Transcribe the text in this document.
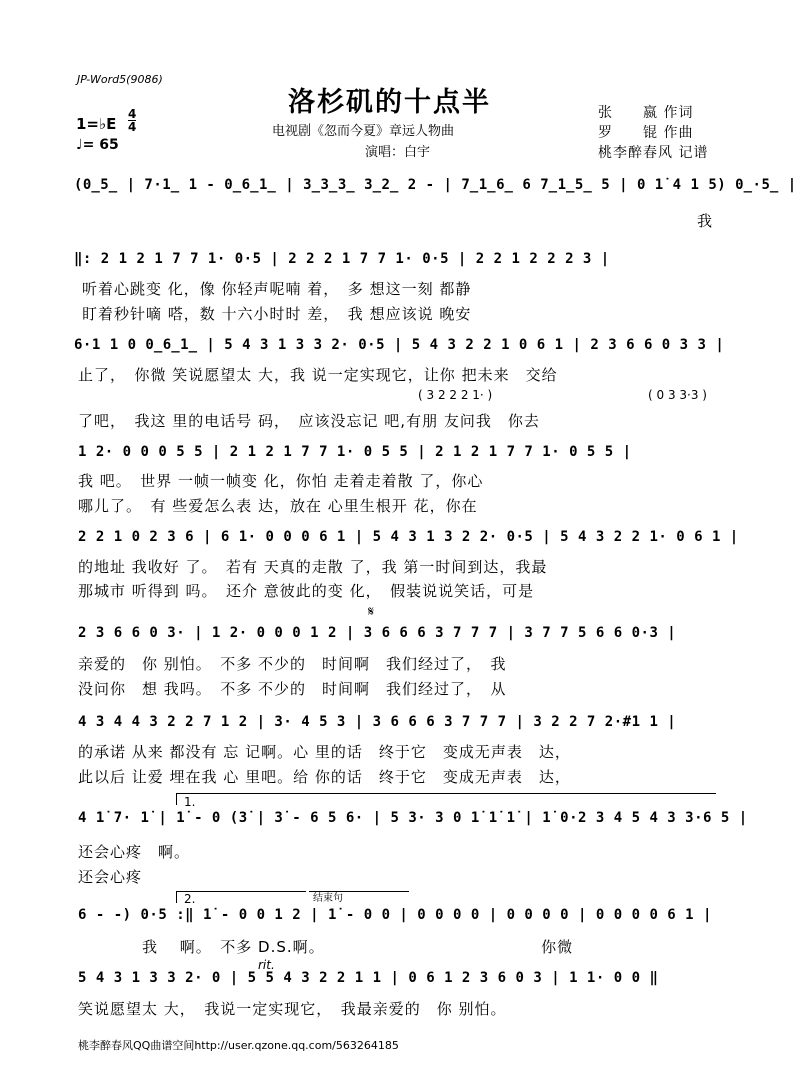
JP-Word5(9086)
洛杉矶的十点半
电视剧《忽而今夏》章远人物曲
演唱：白宇
1=♭E
4
4
♩= 65
张　　嬴 作词
罗　　锟 作曲
桃李醉春风 记谱
(0̲5̲ | 7·1̲ 1 - 0̲6̲1̲ | 3̲3̲3̲ 3̲2̲ 2 - | 7̲1̲6̲ 6 7̲1̲5̲ 5 | 0 1̇ 4 1 5) 0̲·5̲ |
我
‖: 2 1 2 1 7 7 1· 0·5 | 2 2 2 1 7 7 1· 0·5 | 2 2 1 2 2 2 3 |
听着心跳变 化，像 你轻声呢喃 着，　多 想这一刻 都静
盯着秒针嘀 嗒，数 十六小时时 差，　我 想应该说 晚安
6·1 1 0 0̲6̲1̲ | 5 4 3 1 3 3 2· 0·5 | 5 4 3 2 2 1 0 6 1 | 2 3 6 6 0 3 3 |
止了，　你微 笑说愿望太 大，我 说一定实现它，让你 把未来　交给
( 3 2 2 2 1· )	( 0 3 3·3 )
了吧，　我这 里的电话号 码，　应该没忘记 吧,有朋 友问我　你去
1 2· 0 0 0 5 5 | 2 1 2 1 7 7 1· 0 5 5 | 2 1 2 1 7 7 1· 0 5 5 |
我 吧。　世界 一帧一帧变 化，你怕 走着走着散 了，你心
哪儿了。　有 些爱怎么表 达，放在 心里生根开 花，你在
2 2 1 0 2 3 6 | 6 1· 0 0 0 6 1 | 5 4 3 1 3 2 2· 0·5 | 5 4 3 2 2 1· 0 6 1 |
的地址 我收好 了。　若有 天真的走散 了，我 第一时间到达，我最
那城市 听得到 吗。　还介 意彼此的变 化，　假装说说笑话，可是
𝄋
2 3 6 6 0 3· | 1 2· 0 0 0 1 2 | 3 6 6 6 3 7 7 7 | 3 7 7 5 6 6 0·3 |
亲爱的　你 别怕。　不多 不少的　时间啊　我们经过了，　我
没问你　想 我吗。　不多 不少的　时间啊　我们经过了，　从
4 3 4 4 3 2 2 7 1 2 | 3· 4 5 3 | 3 6 6 6 3 7 7 7 | 3 2 2 7 2·#1 1 |
的承诺 从来 都没有 忘 记啊。心 里的话　终于它　变成无声表　达，
此以后 让爱 埋在我 心 里吧。给 你的话　终于它　变成无声表　达，
1.
4 1̇ 7· 1̇ | 1̇ - 0 (3̇ | 3̇ - 6 5 6· | 5 3· 3 0 1̇ 1̇ 1̇ | 1̇ 0·2 3 4 5 4 3 3·6 5 |
还会心疼　啊。
还会心疼
2.	结束句
6 - -) 0·5 :‖ 1̇ - 0 0 1 2 | 1̇ - 0 0 | 0 0 0 0 | 0 0 0 0 | 0 0 0 0 6 1 |
我 　啊。　不多 D.S.啊。　　　　　　　　　　　　　　你微
rit.
5 4 3 1 3 3 2· 0 | 5 5 4 3 2 2 1 1 | 0 6 1 2 3 6 0 3 | 1 1· 0 0 ‖
笑说愿望太 大，　我说一定实现它，　我最亲爱的　你 别怕。
桃李醉春风QQ曲谱空间http://user.qzone.qq.com/563264185
